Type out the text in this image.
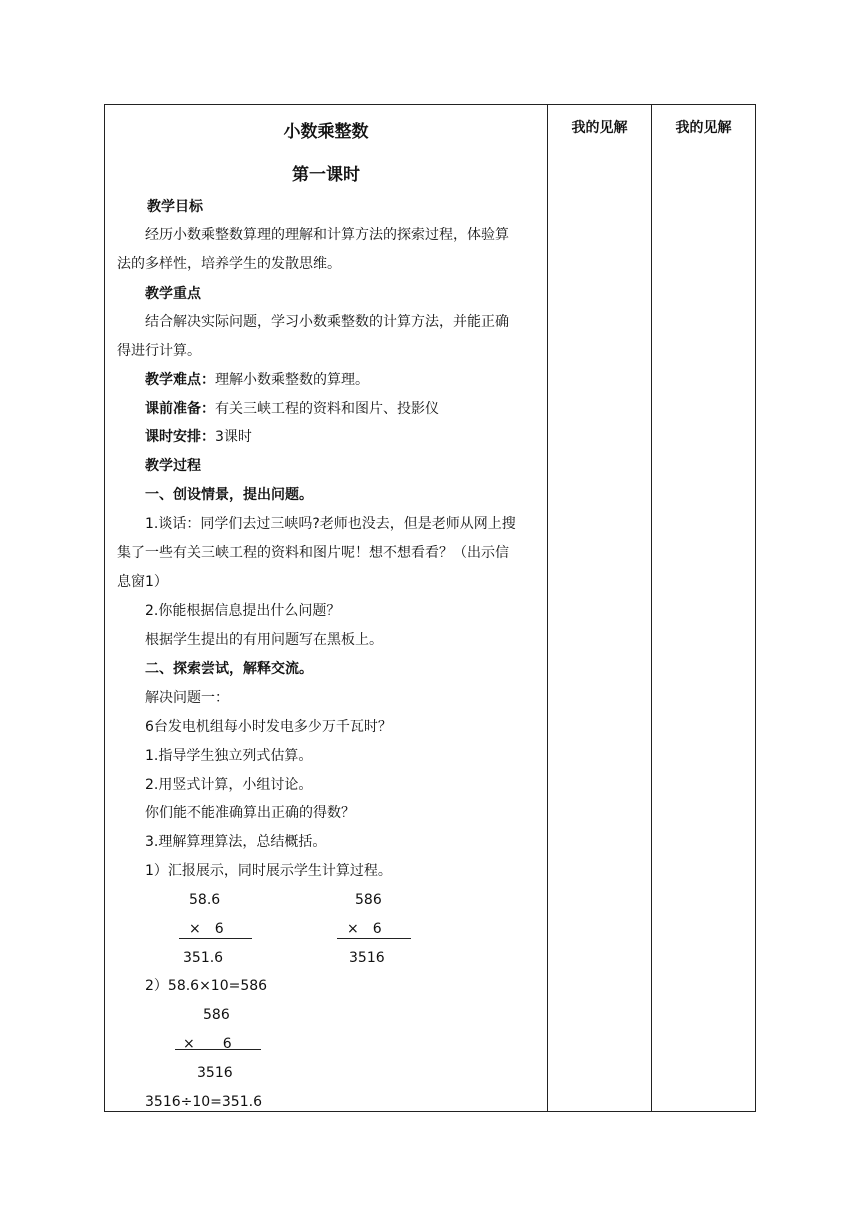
我的见解	我的见解
小数乘整数
第一课时
教学目标
经历小数乘整数算理的理解和计算方法的探索过程，体验算
法的多样性，培养学生的发散思维。
教学重点
结合解决实际问题，学习小数乘整数的计算方法，并能正确
得进行计算。
教学难点：理解小数乘整数的算理。
课前准备：有关三峡工程的资料和图片、投影仪
课时安排：3课时
教学过程
一、创设情景，提出问题。
1.谈话：同学们去过三峡吗?老师也没去，但是老师从网上搜
集了一些有关三峡工程的资料和图片呢！想不想看看？（出示信
息窗1）
2.你能根据信息提出什么问题？
根据学生提出的有用问题写在黑板上。
二、探索尝试，解释交流。
解决问题一：
6台发电机组每小时发电多少万千瓦时？
1.指导学生独立列式估算。
2.用竖式计算，小组讨论。
你们能不能准确算出正确的得数？
3.理解算理算法，总结概括。
1）汇报展示，同时展示学生计算过程。
58.6
×　6
351.6
586
×　6
3516
2）58.6×10=586
586
×　　6
3516
3516÷10=351.6
